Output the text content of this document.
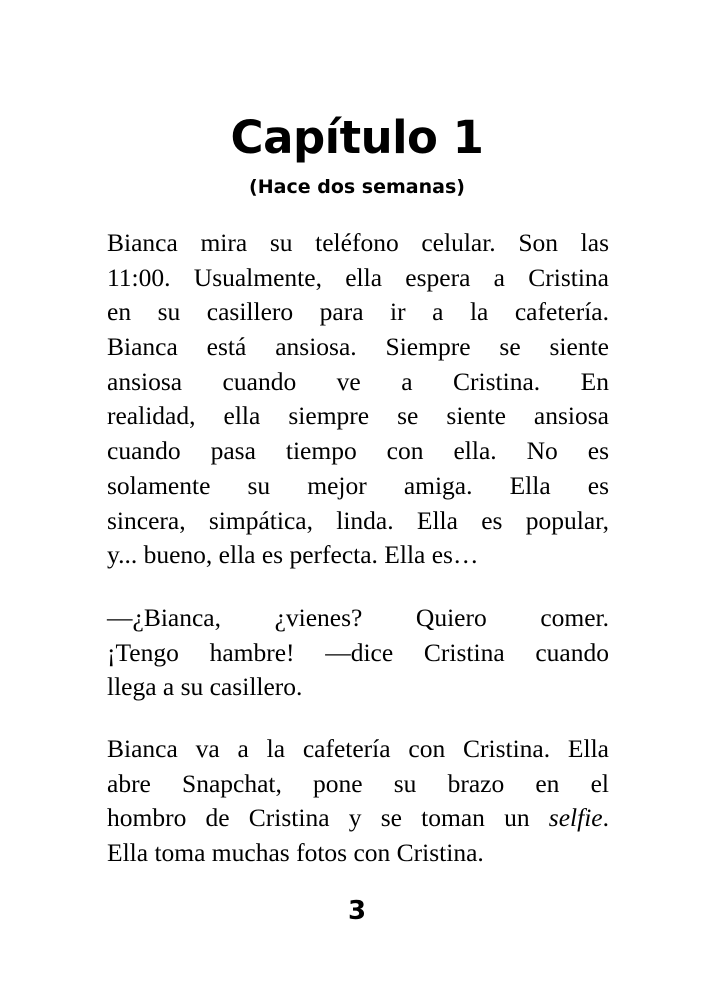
Capítulo 1
(Hace dos semanas)
Bianca mira su teléfono celular. Son las
11:00. Usualmente, ella espera a Cristina
en su casillero para ir a la cafetería.
Bianca está ansiosa. Siempre se siente
ansiosa cuando ve a Cristina. En
realidad, ella siempre se siente ansiosa
cuando pasa tiempo con ella. No es
solamente su mejor amiga. Ella es
sincera, simpática, linda. Ella es popular,
y... bueno, ella es perfecta. Ella es…
—¿Bianca, ¿vienes? Quiero comer.
¡Tengo hambre! —dice Cristina cuando
llega a su casillero.
Bianca va a la cafetería con Cristina. Ella
abre Snapchat, pone su brazo en el
hombro de Cristina y se toman un selfie.
Ella toma muchas fotos con Cristina.
3
